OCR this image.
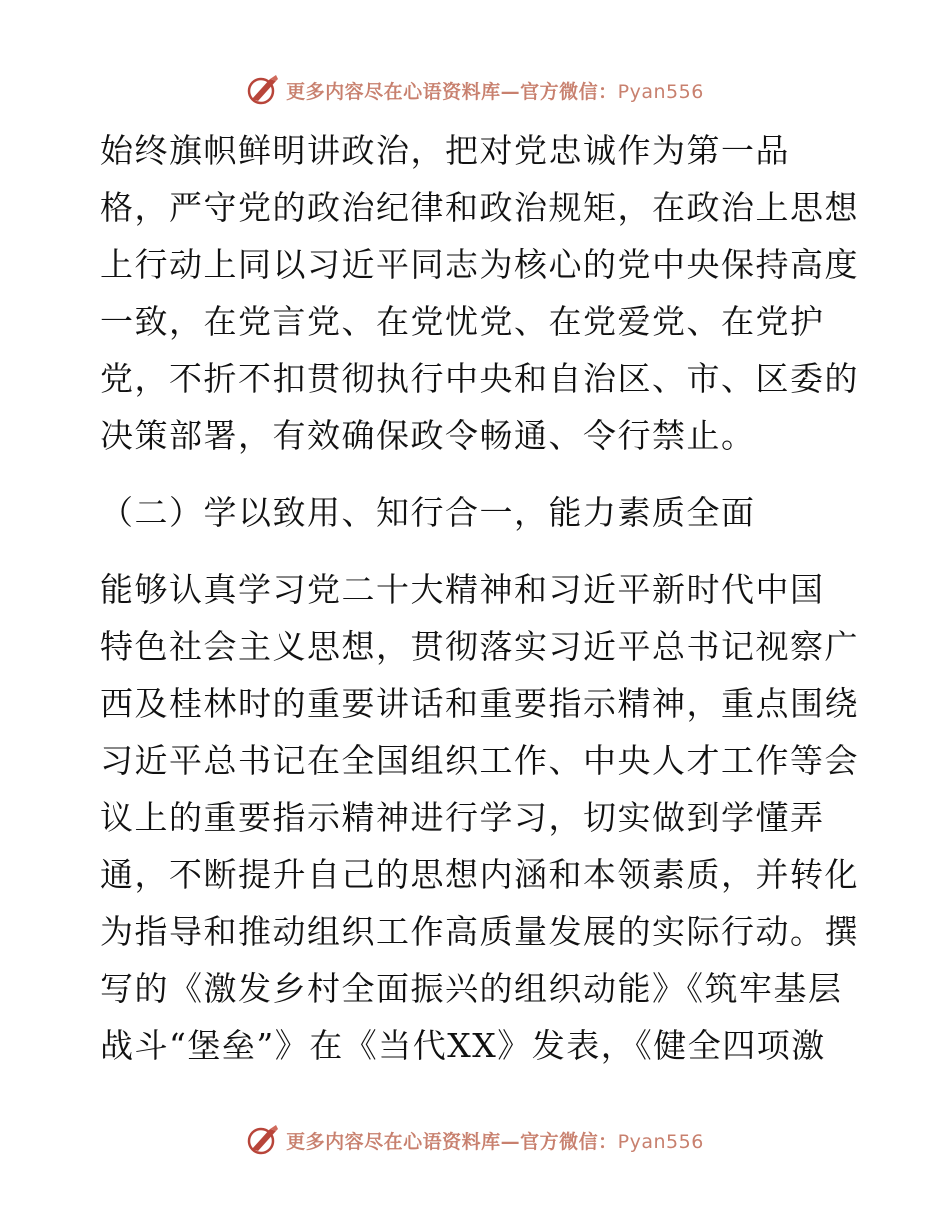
更多内容尽在心语资料库—官方微信：Pyan556
始终旗帜鲜明讲政治，把对党忠诚作为第一品
格，严守党的政治纪律和政治规矩，在政治上思想
上行动上同以习近平同志为核心的党中央保持高度
一致，在党言党、在党忧党、在党爱党、在党护
党，不折不扣贯彻执行中央和自治区、市、区委的
决策部署，有效确保政令畅通、令行禁止。
（二）学以致用、知行合一，能力素质全面
能够认真学习党二十大精神和习近平新时代中国
特色社会主义思想，贯彻落实习近平总书记视察广
西及桂林时的重要讲话和重要指示精神，重点围绕
习近平总书记在全国组织工作、中央人才工作等会
议上的重要指示精神进行学习，切实做到学懂弄
通，不断提升自己的思想内涵和本领素质，并转化
为指导和推动组织工作高质量发展的实际行动。撰
写的《激发乡村全面振兴的组织动能》《筑牢基层
战斗“堡垒”》在《当代XX》发表，《健全四项激
更多内容尽在心语资料库—官方微信：Pyan556
